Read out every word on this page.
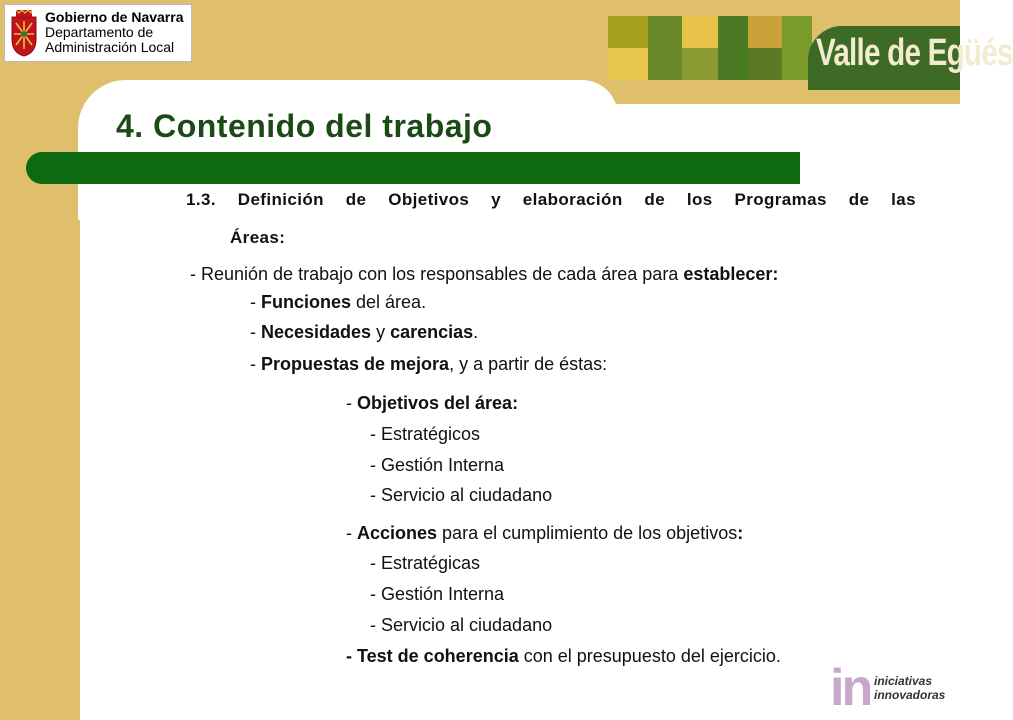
Gobierno de Navarra
Departamento de
Administración Local	Valle de Egüés
4. Contenido del trabajo
1.3. Definición de Objetivos y elaboración de los Programas de las
Áreas:
- Reunión de trabajo con los responsables de cada área para establecer:
- Funciones del área.
- Necesidades y carencias.
- Propuestas de mejora, y a partir de éstas:
- Objetivos del área:
- Estratégicos
- Gestión Interna
- Servicio al ciudadano
- Acciones para el cumplimiento de los objetivos:
- Estratégicas
- Gestión Interna
- Servicio al ciudadano
- Test de coherencia con el presupuesto del ejercicio.
in iniciativas
innovadoras
